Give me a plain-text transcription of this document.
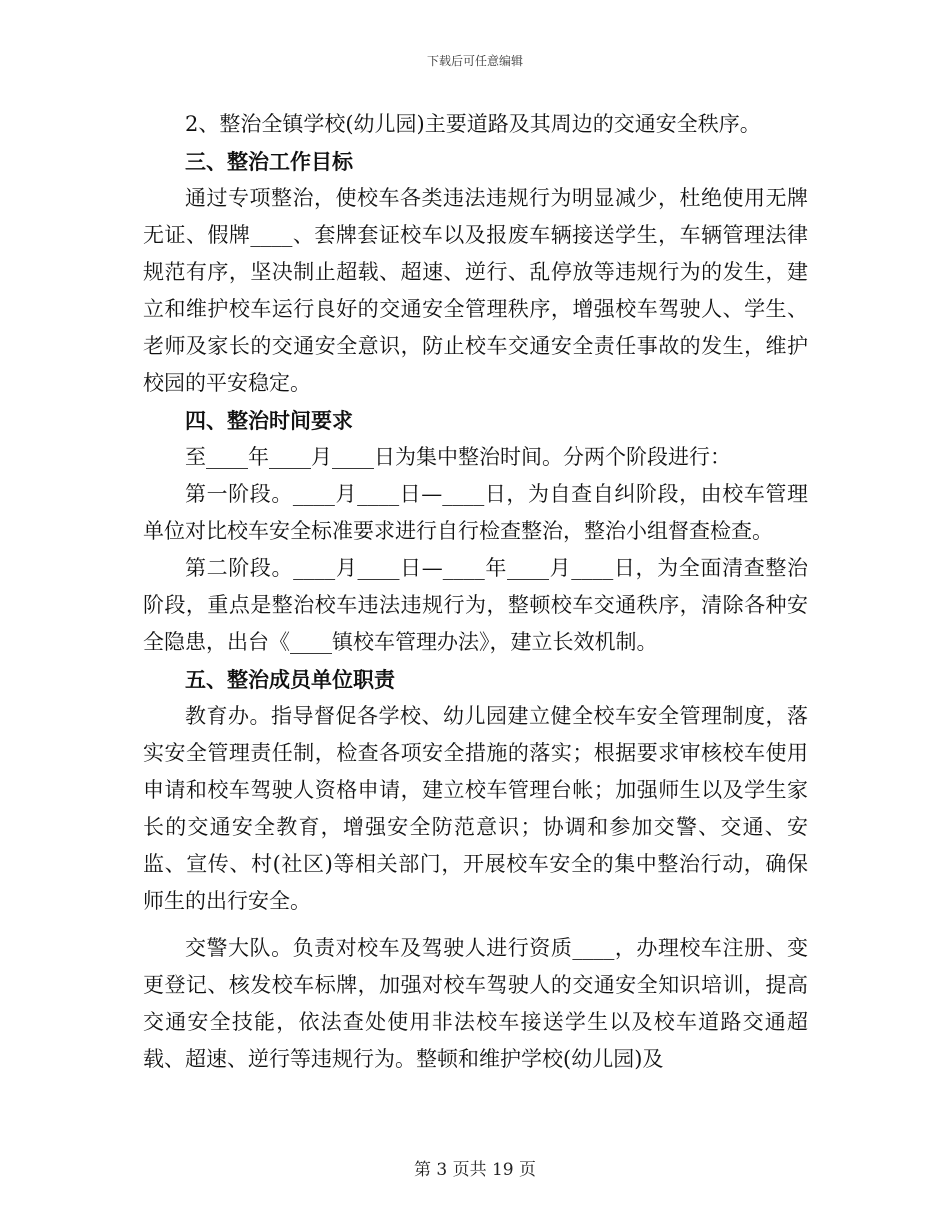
下载后可任意编辑

2、整治全镇学校(幼儿园)主要道路及其周边的交通安全秩序。

三、整治工作目标

通过专项整治，使校车各类违法违规行为明显减少，杜绝使用无牌无证、假牌____、套牌套证校车以及报废车辆接送学生，车辆管理法律规范有序，坚决制止超载、超速、逆行、乱停放等违规行为的发生，建立和维护校车运行良好的交通安全管理秩序，增强校车驾驶人、学生、老师及家长的交通安全意识，防止校车交通安全责任事故的发生，维护校园的平安稳定。

四、整治时间要求

至____年____月____日为集中整治时间。分两个阶段进行：

第一阶段。____月____日—____日，为自查自纠阶段，由校车管理单位对比校车安全标准要求进行自行检查整治，整治小组督查检查。

第二阶段。____月____日—____年____月____日，为全面清查整治阶段，重点是整治校车违法违规行为，整顿校车交通秩序，清除各种安全隐患，出台《____镇校车管理办法》，建立长效机制。

五、整治成员单位职责

教育办。指导督促各学校、幼儿园建立健全校车安全管理制度，落实安全管理责任制，检查各项安全措施的落实；根据要求审核校车使用申请和校车驾驶人资格申请，建立校车管理台帐；加强师生以及学生家长的交通安全教育，增强安全防范意识；协调和参加交警、交通、安监、宣传、村(社区)等相关部门，开展校车安全的集中整治行动，确保师生的出行安全。

交警大队。负责对校车及驾驶人进行资质____，办理校车注册、变更登记、核发校车标牌，加强对校车驾驶人的交通安全知识培训，提高交通安全技能，依法查处使用非法校车接送学生以及校车道路交通超载、超速、逆行等违规行为。整顿和维护学校(幼儿园)及

第 3 页共 19 页
